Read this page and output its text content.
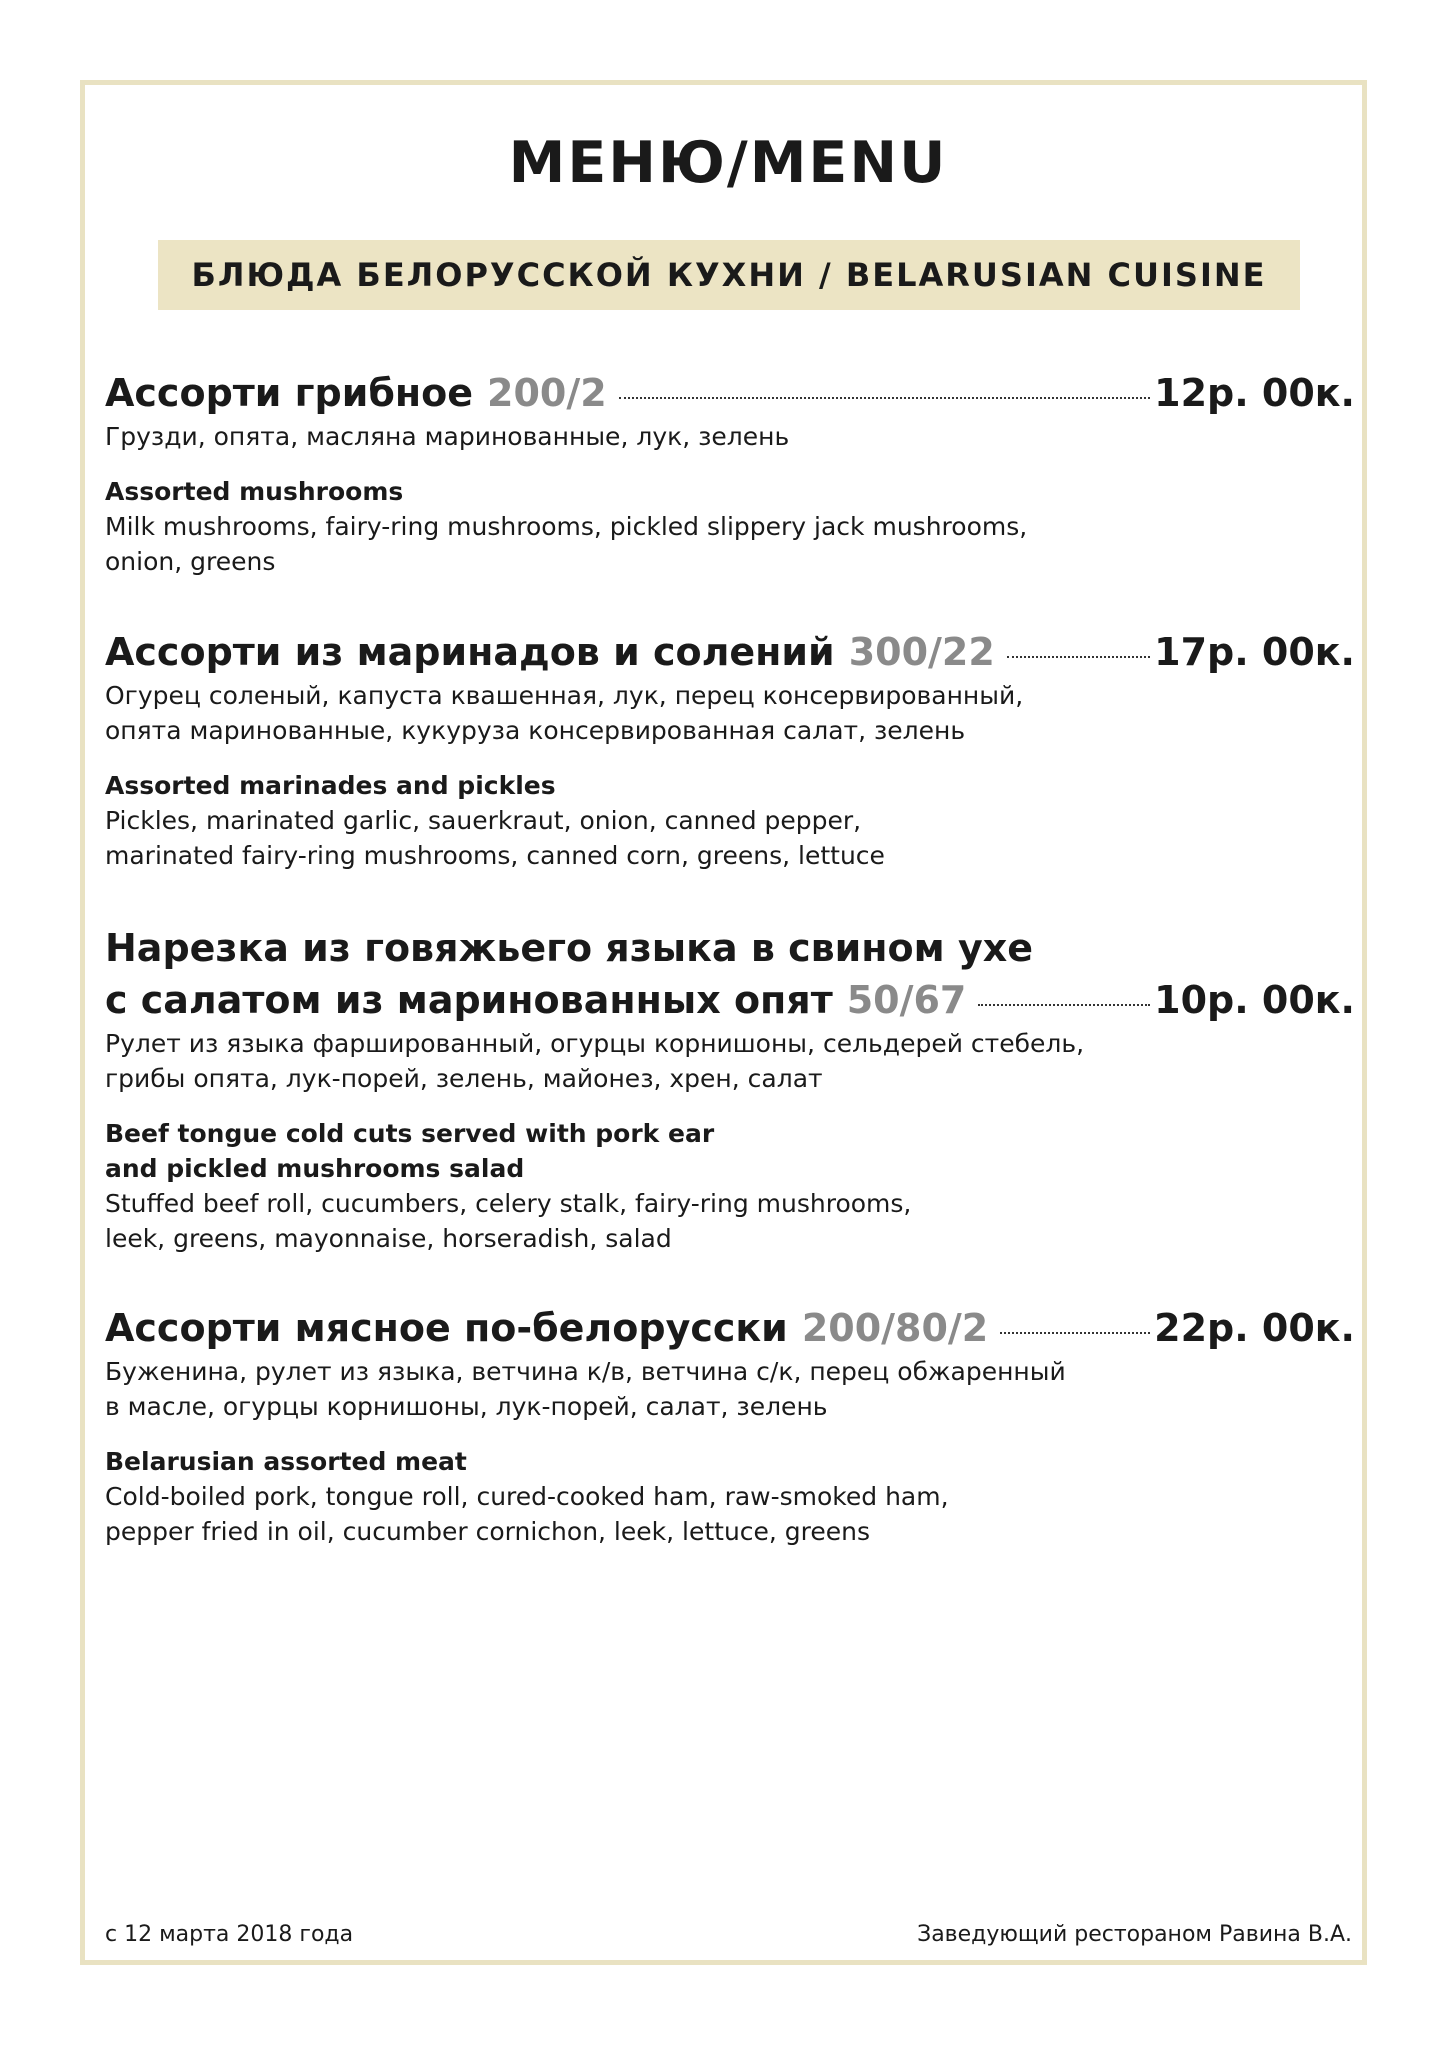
МЕНЮ/MENU
БЛЮДА БЕЛОРУССКОЙ КУХНИ / BELARUSIAN CUISINE
Ассорти грибное 200/2	12р. 00к.
Грузди, опята, масляна маринованные, лук, зелень
Assorted mushrooms
Milk mushrooms, fairy-ring mushrooms, pickled slippery jack mushrooms,
onion, greens
Ассорти из маринадов и солений 300/22	17р. 00к.
Огурец соленый, капуста квашенная, лук, перец консервированный,
опята маринованные, кукуруза консервированная салат, зелень
Assorted marinades and pickles
Pickles, marinated garlic, sauerkraut, onion, canned pepper,
marinated fairy-ring mushrooms, canned corn, greens, lettuce
Нарезка из говяжьего языка в свином ухе
с салатом из маринованных опят 50/67	10р. 00к.
Рулет из языка фаршированный, огурцы корнишоны, сельдерей стебель,
грибы опята, лук-порей, зелень, майонез, хрен, салат
Beef tongue cold cuts served with pork ear
and pickled mushrooms salad
Stuffed beef roll, cucumbers, celery stalk, fairy-ring mushrooms,
leek, greens, mayonnaise, horseradish, salad
Ассорти мясное по-белорусски 200/80/2	22р. 00к.
Буженина, рулет из языка, ветчина к/в, ветчина с/к, перец обжаренный
в масле, огурцы корнишоны, лук-порей, салат, зелень
Belarusian assorted meat
Cold-boiled pork, tongue roll, cured-cooked ham, raw-smoked ham,
pepper fried in oil, cucumber cornichon, leek, lettuce, greens
с 12 марта 2018 года	Заведующий рестораном Равина В.А.
